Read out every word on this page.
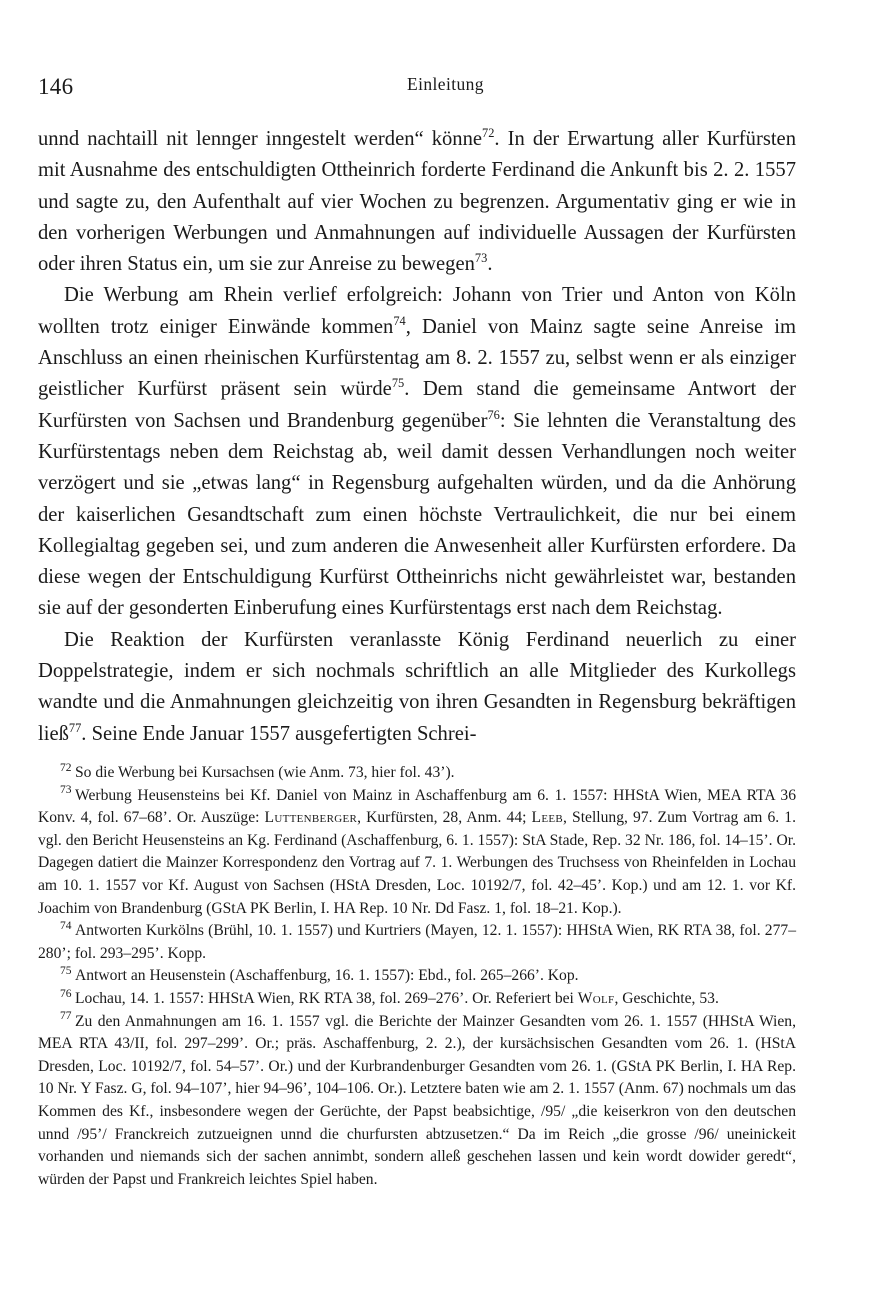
146	Einleitung

unnd nachtaill nit lennger inngestelt werden“ könne$^{72}$. In der Erwartung aller Kurfürsten mit Ausnahme des entschuldigten Ottheinrich forderte Ferdinand die Ankunft bis 2. 2. 1557 und sagte zu, den Aufenthalt auf vier Wochen zu begrenzen. Argumentativ ging er wie in den vorherigen Werbungen und Anmahnungen auf individuelle Aussagen der Kurfürsten oder ihren Status ein, um sie zur Anreise zu bewegen$^{73}$.

Die Werbung am Rhein verlief erfolgreich: Johann von Trier und Anton von Köln wollten trotz einiger Einwände kommen$^{74}$, Daniel von Mainz sagte seine Anreise im Anschluss an einen rheinischen Kurfürstentag am 8. 2. 1557 zu, selbst wenn er als einziger geistlicher Kurfürst präsent sein würde$^{75}$. Dem stand die gemeinsame Antwort der Kurfürsten von Sachsen und Brandenburg gegenüber$^{76}$: Sie lehnten die Veranstaltung des Kurfürstentags neben dem Reichstag ab, weil damit dessen Verhandlungen noch weiter verzögert und sie „etwas lang“ in Regensburg aufgehalten würden, und da die Anhörung der kaiserlichen Gesandtschaft zum einen höchste Vertraulichkeit, die nur bei einem Kollegialtag gegeben sei, und zum anderen die Anwesenheit aller Kurfürsten erfordere. Da diese wegen der Entschuldigung Kurfürst Ottheinrichs nicht gewährleistet war, bestanden sie auf der gesonderten Einberufung eines Kurfürstentags erst nach dem Reichstag.

Die Reaktion der Kurfürsten veranlasste König Ferdinand neuerlich zu einer Doppelstrategie, indem er sich nochmals schriftlich an alle Mitglieder des Kurkollegs wandte und die Anmahnungen gleichzeitig von ihren Gesandten in Regensburg bekräftigen ließ$^{77}$. Seine Ende Januar 1557 ausgefertigten Schrei-

$^{72}$ So die Werbung bei Kursachsen (wie Anm. 73, hier fol. 43’).

$^{73}$ Werbung Heusensteins bei Kf. Daniel von Mainz in Aschaffenburg am 6. 1. 1557: HHStA Wien, MEA RTA 36 Konv. 4, fol. 67–68’. Or. Auszüge: Luttenberger, Kurfürsten, 28, Anm. 44; Leeb, Stellung, 97. Zum Vortrag am 6. 1. vgl. den Bericht Heusensteins an Kg. Ferdinand (Aschaffenburg, 6. 1. 1557): StA Stade, Rep. 32 Nr. 186, fol. 14–15’. Or. Dagegen datiert die Mainzer Korrespondenz den Vortrag auf 7. 1. Werbungen des Truchsess von Rheinfelden in Lochau am 10. 1. 1557 vor Kf. August von Sachsen (HStA Dresden, Loc. 10192/7, fol. 42–45’. Kop.) und am 12. 1. vor Kf. Joachim von Brandenburg (GStA PK Berlin, I. HA Rep. 10 Nr. Dd Fasz. 1, fol. 18–21. Kop.).

$^{74}$ Antworten Kurkölns (Brühl, 10. 1. 1557) und Kurtriers (Mayen, 12. 1. 1557): HHStA Wien, RK RTA 38, fol. 277–280’; fol. 293–295’. Kopp.

$^{75}$ Antwort an Heusenstein (Aschaffenburg, 16. 1. 1557): Ebd., fol. 265–266’. Kop.

$^{76}$ Lochau, 14. 1. 1557: HHStA Wien, RK RTA 38, fol. 269–276’. Or. Referiert bei Wolf, Geschichte, 53.

$^{77}$ Zu den Anmahnungen am 16. 1. 1557 vgl. die Berichte der Mainzer Gesandten vom 26. 1. 1557 (HHStA Wien, MEA RTA 43/II, fol. 297–299’. Or.; präs. Aschaffenburg, 2. 2.), der kursächsischen Gesandten vom 26. 1. (HStA Dresden, Loc. 10192/7, fol. 54–57’. Or.) und der Kurbrandenburger Gesandten vom 26. 1. (GStA PK Berlin, I. HA Rep. 10 Nr. Y Fasz. G, fol. 94–107’, hier 94–96’, 104–106. Or.). Letztere baten wie am 2. 1. 1557 (Anm. 67) nochmals um das Kommen des Kf., insbesondere wegen der Gerüchte, der Papst beabsichtige, /95/ „die keiserkron von den deutschen unnd /95’/ Franckreich zutzueignen unnd die churfursten abtzusetzen.“ Da im Reich „die grosse /96/ uneinickeit vorhanden und niemands sich der sachen annimbt, sondern alleß geschehen lassen und kein wordt dowider geredt“, würden der Papst und Frankreich leichtes Spiel haben.
